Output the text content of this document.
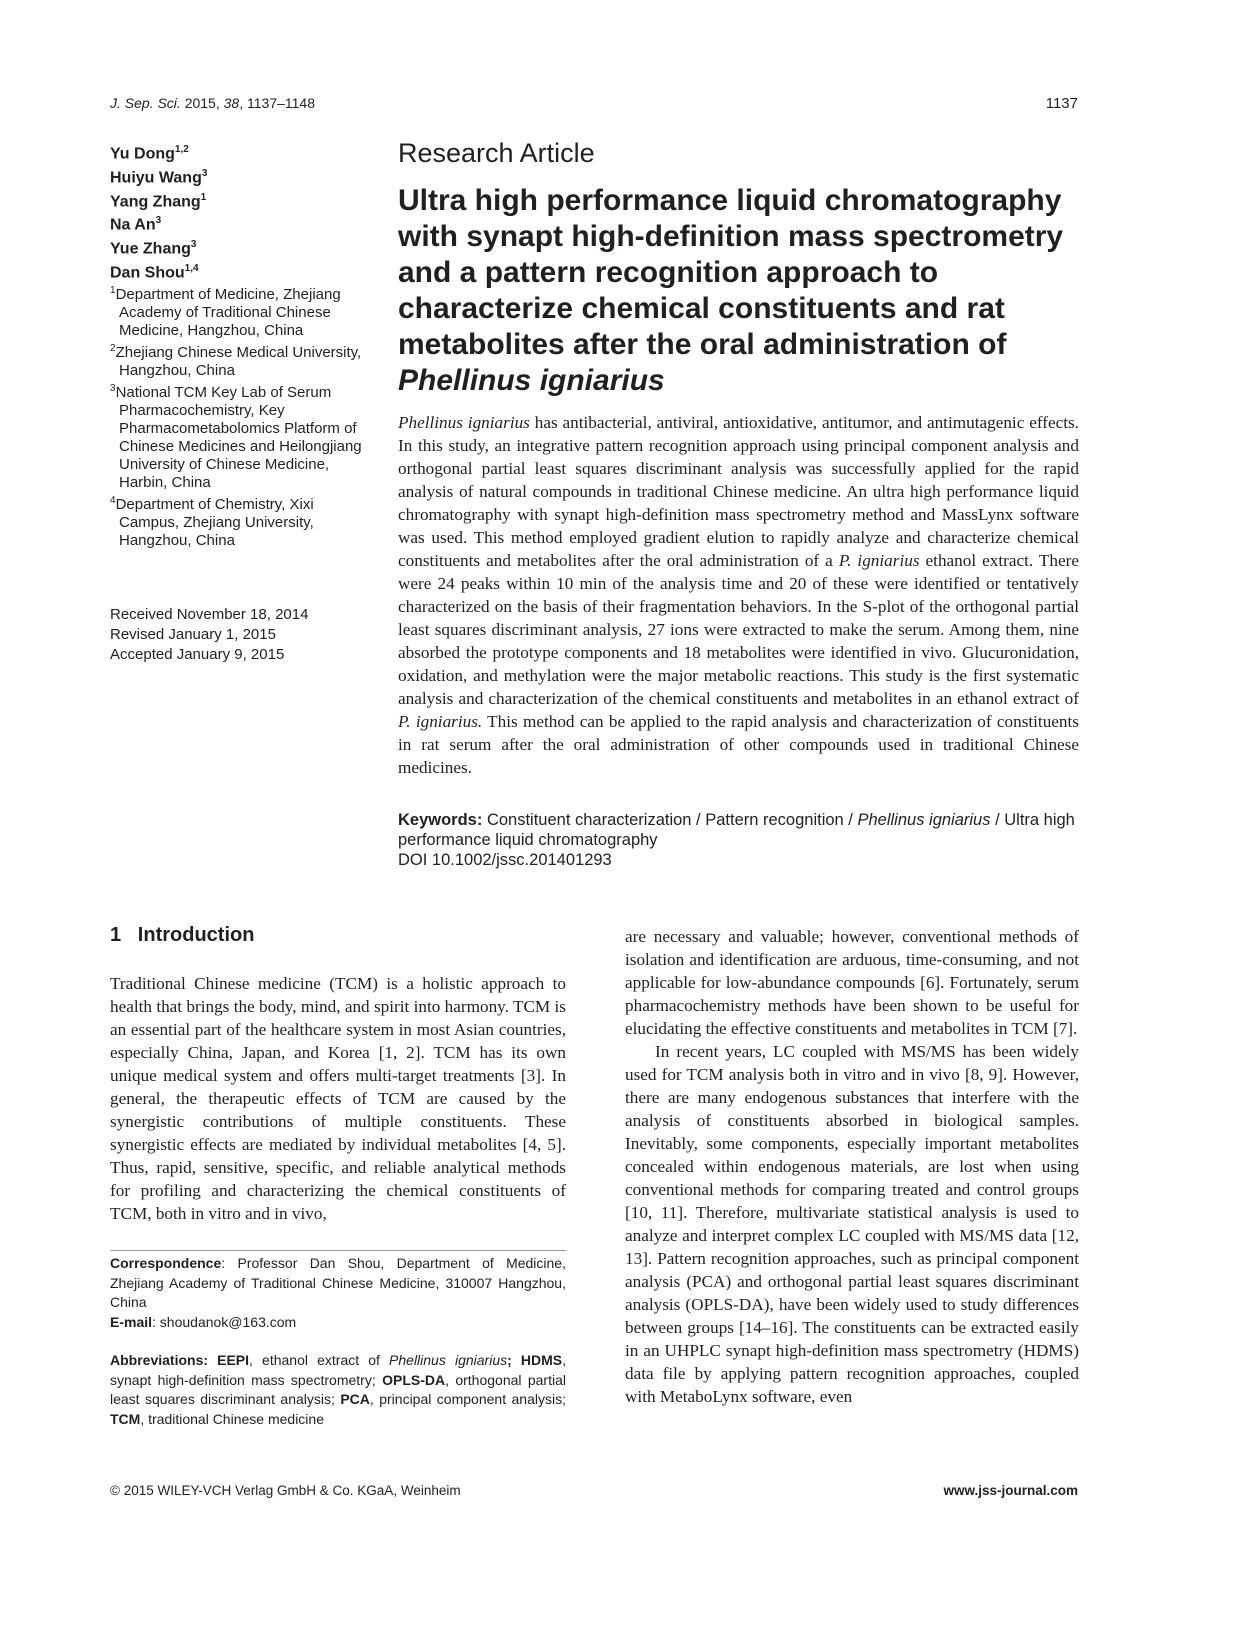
J. Sep. Sci. 2015, 38, 1137–1148	1137
Yu Dong$^{1,2}$
Huiyu Wang$^3$
Yang Zhang$^1$
Na An$^3$
Yue Zhang$^3$
Dan Shou$^{1,4}$
$^1$Department of Medicine, Zhejiang Academy of Traditional Chinese Medicine, Hangzhou, China
$^2$Zhejiang Chinese Medical University, Hangzhou, China
$^3$National TCM Key Lab of Serum Pharmacochemistry, Key Pharmacometabolomics Platform of Chinese Medicines and Heilongjiang University of Chinese Medicine, Harbin, China
$^4$Department of Chemistry, Xixi Campus, Zhejiang University, Hangzhou, China
Received November 18, 2014
Revised January 1, 2015
Accepted January 9, 2015
Research Article
Ultra high performance liquid chromatography with synapt high-definition mass spectrometry and a pattern recognition approach to characterize chemical constituents and rat metabolites after the oral administration of Phellinus igniarius
Phellinus igniarius has antibacterial, antiviral, antioxidative, antitumor, and antimutagenic effects. In this study, an integrative pattern recognition approach using principal component analysis and orthogonal partial least squares discriminant analysis was successfully applied for the rapid analysis of natural compounds in traditional Chinese medicine. An ultra high performance liquid chromatography with synapt high-definition mass spectrometry method and MassLynx software was used. This method employed gradient elution to rapidly analyze and characterize chemical constituents and metabolites after the oral administration of a P. igniarius ethanol extract. There were 24 peaks within 10 min of the analysis time and 20 of these were identified or tentatively characterized on the basis of their fragmentation behaviors. In the S-plot of the orthogonal partial least squares discriminant analysis, 27 ions were extracted to make the serum. Among them, nine absorbed the prototype components and 18 metabolites were identified in vivo. Glucuronidation, oxidation, and methylation were the major metabolic reactions. This study is the first systematic analysis and characterization of the chemical constituents and metabolites in an ethanol extract of P. igniarius. This method can be applied to the rapid analysis and characterization of constituents in rat serum after the oral administration of other compounds used in traditional Chinese medicines.
Keywords: Constituent characterization / Pattern recognition / Phellinus igniarius / Ultra high performance liquid chromatography
DOI 10.1002/jssc.201401293
1 Introduction
Traditional Chinese medicine (TCM) is a holistic approach to health that brings the body, mind, and spirit into harmony. TCM is an essential part of the healthcare system in most Asian countries, especially China, Japan, and Korea [1, 2]. TCM has its own unique medical system and offers multi-target treatments [3]. In general, the therapeutic effects of TCM are caused by the synergistic contributions of multiple constituents. These synergistic effects are mediated by individual metabolites [4, 5]. Thus, rapid, sensitive, specific, and reliable analytical methods for profiling and characterizing the chemical constituents of TCM, both in vitro and in vivo,

are necessary and valuable; however, conventional methods of isolation and identification are arduous, time-consuming, and not applicable for low-abundance compounds [6]. Fortunately, serum pharmacochemistry methods have been shown to be useful for elucidating the effective constituents and metabolites in TCM [7].

In recent years, LC coupled with MS/MS has been widely used for TCM analysis both in vitro and in vivo [8, 9]. However, there are many endogenous substances that interfere with the analysis of constituents absorbed in biological samples. Inevitably, some components, especially important metabolites concealed within endogenous materials, are lost when using conventional methods for comparing treated and control groups [10, 11]. Therefore, multivariate statistical analysis is used to analyze and interpret complex LC coupled with MS/MS data [12, 13]. Pattern recognition approaches, such as principal component analysis (PCA) and orthogonal partial least squares discriminant analysis (OPLS-DA), have been widely used to study differences between groups [14–16]. The constituents can be extracted easily in an UHPLC synapt high-definition mass spectrometry (HDMS) data file by applying pattern recognition approaches, coupled with MetaboLynx software, even

Correspondence: Professor Dan Shou, Department of Medicine, Zhejiang Academy of Traditional Chinese Medicine, 310007 Hangzhou, China
E-mail: shoudanok@163.com
Abbreviations: EEPI, ethanol extract of Phellinus igniarius; HDMS, synapt high-definition mass spectrometry; OPLS-DA, orthogonal partial least squares discriminant analysis; PCA, principal component analysis; TCM, traditional Chinese medicine
© 2015 WILEY-VCH Verlag GmbH & Co. KGaA, Weinheim	www.jss-journal.com
